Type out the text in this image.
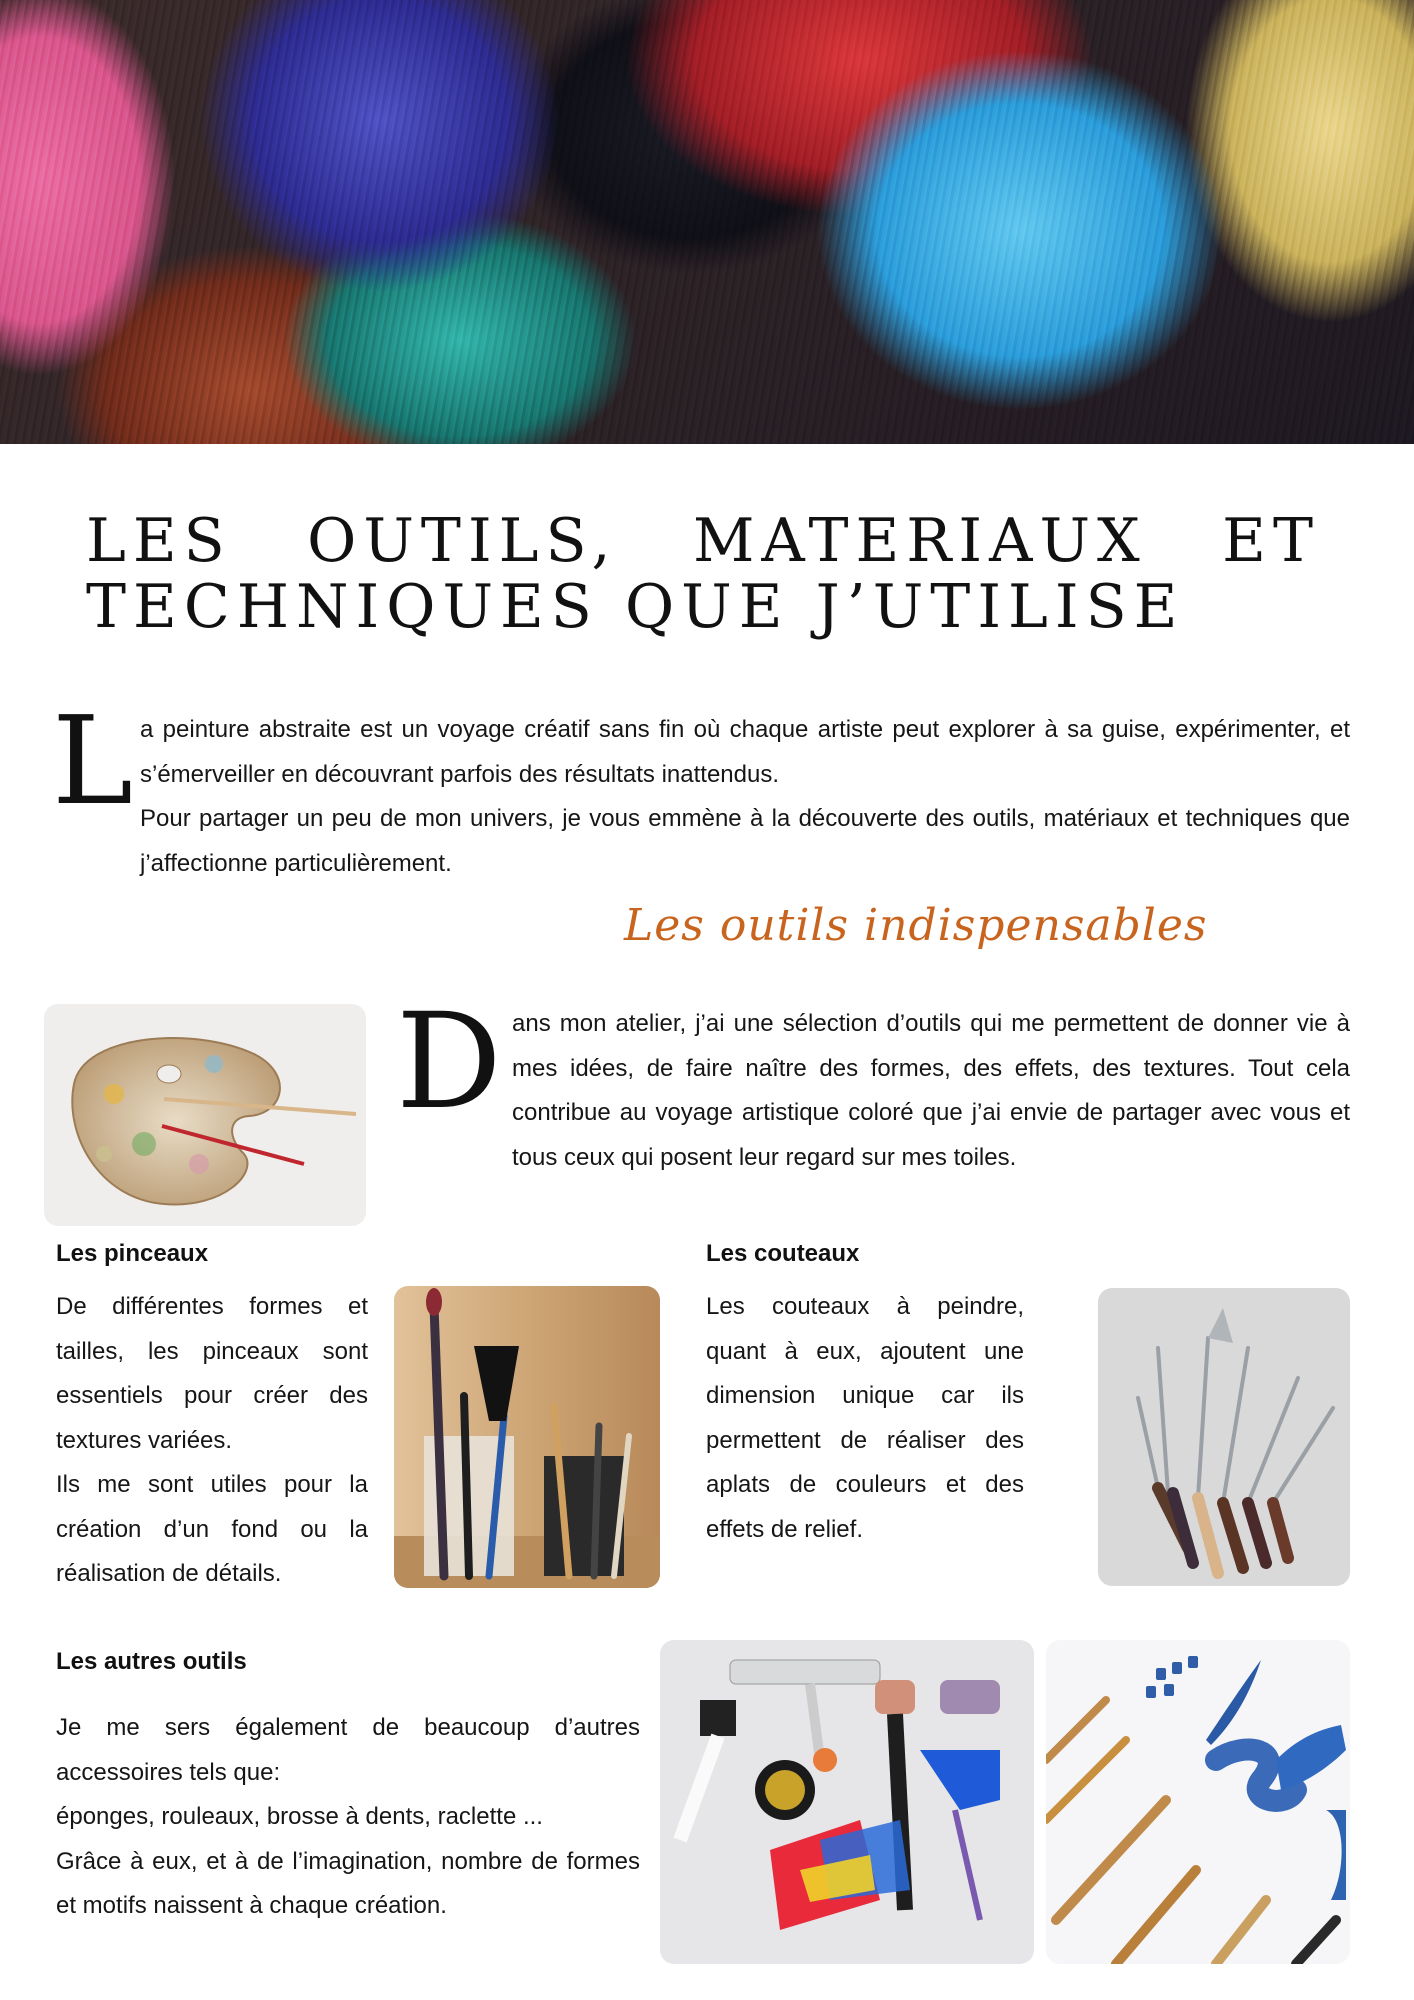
LES OUTILS, MATERIAUX ET TECHNIQUES QUE J’UTILISE
L a peinture abstraite est un voyage créatif sans fin où chaque artiste peut explorer à sa guise, expérimenter, et s’émerveiller en découvrant parfois des résultats inattendus.

Pour partager un peu de mon univers, je vous emmène à la découverte des outils, matériaux et techniques que j’affectionne particulièrement.

Les outils indispensables
D ans mon atelier, j’ai une sélection d’outils qui me permettent de donner vie à mes idées, de faire naître des formes, des effets, des textures. Tout cela contribue au voyage artistique coloré que j’ai envie de partager avec vous et tous ceux qui posent leur regard sur mes toiles.

Les pinceaux

De différentes formes et tailles, les pinceaux sont essentiels pour créer des textures variées.

Ils me sont utiles pour la création d’un fond ou la réalisation de détails.

Les couteaux

Les couteaux à peindre, quant à eux, ajoutent une dimension unique car ils permettent de réaliser des aplats de couleurs et des effets de relief.

Les autres outils

Je me sers également de beaucoup d’autres accessoires tels que:

éponges, rouleaux, brosse à dents, raclette ...

Grâce à eux, et à de l’imagination, nombre de formes et motifs naissent à chaque création.
